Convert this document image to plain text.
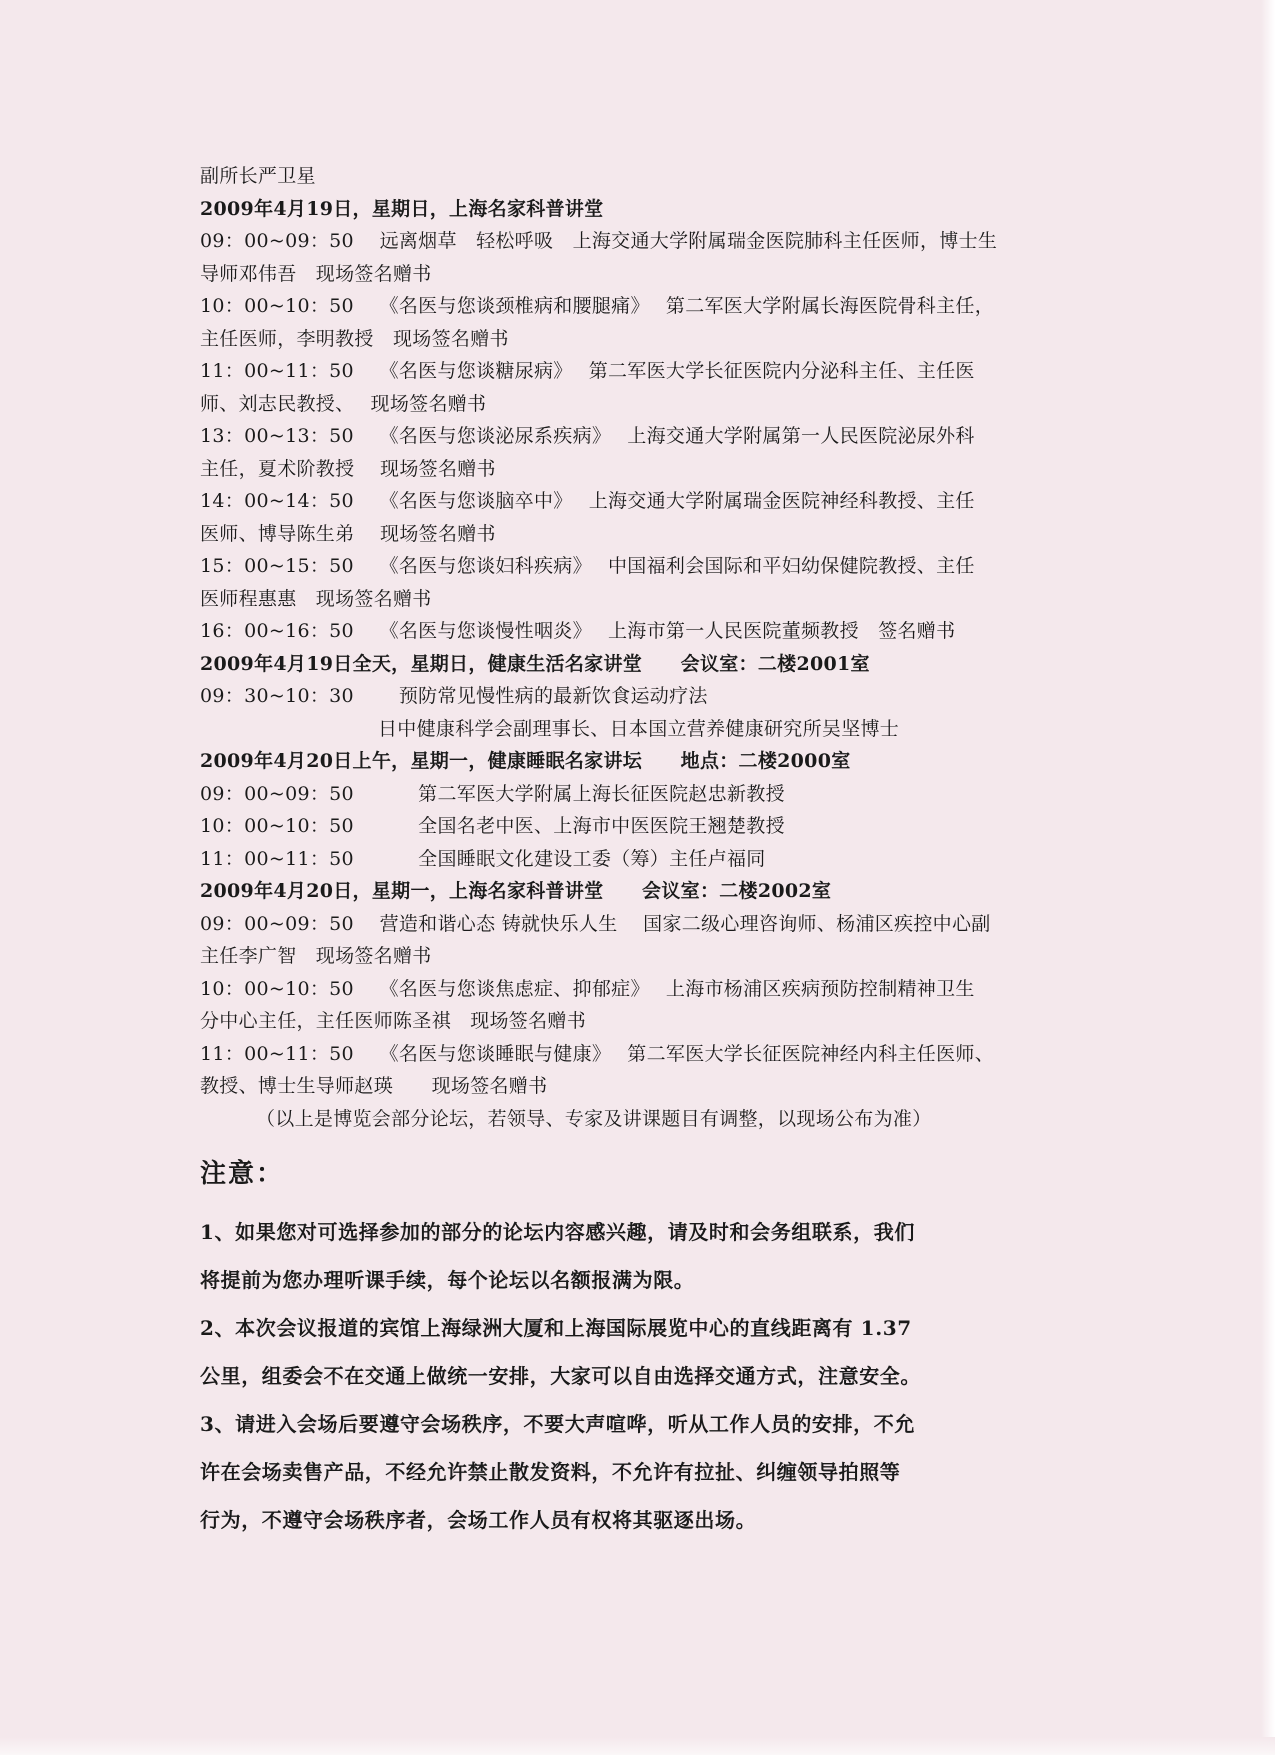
副所长严卫星
2009年4月19日，星期日，上海名家科普讲堂
09：00~09：50　 远离烟草　轻松呼吸　上海交通大学附属瑞金医院肺科主任医师，博士生
导师邓伟吾　现场签名赠书
10：00~10：50　 《名医与您谈颈椎病和腰腿痛》　 第二军医大学附属长海医院骨科主任，
主任医师，李明教授　现场签名赠书
11：00~11：50　 《名医与您谈糖尿病》　 第二军医大学长征医院内分泌科主任、主任医
师、刘志民教授、　 现场签名赠书
13：00~13：50　 《名医与您谈泌尿系疾病》　 上海交通大学附属第一人民医院泌尿外科
主任，夏术阶教授　 现场签名赠书
14：00~14：50　 《名医与您谈脑卒中》　 上海交通大学附属瑞金医院神经科教授、主任
医师、博导陈生弟　 现场签名赠书
15：00~15：50　 《名医与您谈妇科疾病》　 中国福利会国际和平妇幼保健院教授、主任
医师程惠惠　现场签名赠书
16：00~16：50　 《名医与您谈慢性咽炎》　 上海市第一人民医院董频教授　签名赠书
2009年4月19日全天，星期日，健康生活名家讲堂　　会议室：二楼2001室
09：30~10：30　　 预防常见慢性病的最新饮食运动疗法
日中健康科学会副理事长、日本国立营养健康研究所吴坚博士
2009年4月20日上午，星期一，健康睡眠名家讲坛　　地点：二楼2000室
09：00~09：50　　　 第二军医大学附属上海长征医院赵忠新教授
10：00~10：50　　　 全国名老中医、上海市中医医院王翘楚教授
11：00~11：50　　　 全国睡眠文化建设工委（筹）主任卢福同
2009年4月20日，星期一，上海名家科普讲堂　　会议室：二楼2002室
09：00~09：50　 营造和谐心态 铸就快乐人生　 国家二级心理咨询师、杨浦区疾控中心副
主任李广智　现场签名赠书
10：00~10：50　 《名医与您谈焦虑症、抑郁症》　 上海市杨浦区疾病预防控制精神卫生
分中心主任，主任医师陈圣祺　现场签名赠书
11：00~11：50　 《名医与您谈睡眠与健康》　 第二军医大学长征医院神经内科主任医师、
教授、博士生导师赵瑛　　现场签名赠书
（以上是博览会部分论坛，若领导、专家及讲课题目有调整，以现场公布为准）
注意：
1、如果您对可选择参加的部分的论坛内容感兴趣，请及时和会务组联系，我们
将提前为您办理听课手续，每个论坛以名额报满为限。
2、本次会议报道的宾馆上海绿洲大厦和上海国际展览中心的直线距离有 1.37
公里，组委会不在交通上做统一安排，大家可以自由选择交通方式，注意安全。
3、请进入会场后要遵守会场秩序，不要大声喧哗，听从工作人员的安排，不允
许在会场卖售产品，不经允许禁止散发资料，不允许有拉扯、纠缠领导拍照等
行为，不遵守会场秩序者，会场工作人员有权将其驱逐出场。
